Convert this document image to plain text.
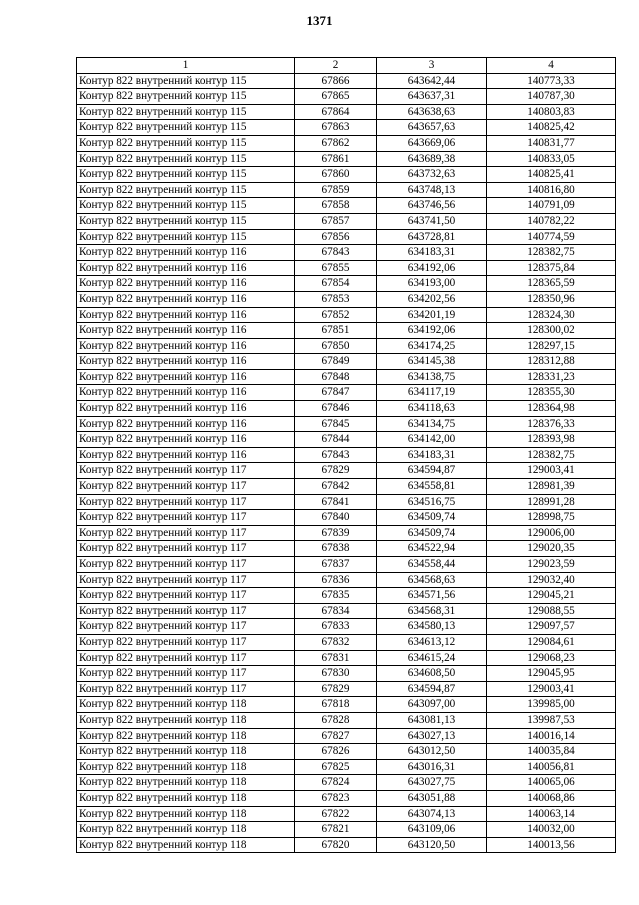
1371
1	2	3	4
Контур 822 внутренний контур 115	67866	643642,44	140773,33
Контур 822 внутренний контур 115	67865	643637,31	140787,30
Контур 822 внутренний контур 115	67864	643638,63	140803,83
Контур 822 внутренний контур 115	67863	643657,63	140825,42
Контур 822 внутренний контур 115	67862	643669,06	140831,77
Контур 822 внутренний контур 115	67861	643689,38	140833,05
Контур 822 внутренний контур 115	67860	643732,63	140825,41
Контур 822 внутренний контур 115	67859	643748,13	140816,80
Контур 822 внутренний контур 115	67858	643746,56	140791,09
Контур 822 внутренний контур 115	67857	643741,50	140782,22
Контур 822 внутренний контур 115	67856	643728,81	140774,59
Контур 822 внутренний контур 116	67843	634183,31	128382,75
Контур 822 внутренний контур 116	67855	634192,06	128375,84
Контур 822 внутренний контур 116	67854	634193,00	128365,59
Контур 822 внутренний контур 116	67853	634202,56	128350,96
Контур 822 внутренний контур 116	67852	634201,19	128324,30
Контур 822 внутренний контур 116	67851	634192,06	128300,02
Контур 822 внутренний контур 116	67850	634174,25	128297,15
Контур 822 внутренний контур 116	67849	634145,38	128312,88
Контур 822 внутренний контур 116	67848	634138,75	128331,23
Контур 822 внутренний контур 116	67847	634117,19	128355,30
Контур 822 внутренний контур 116	67846	634118,63	128364,98
Контур 822 внутренний контур 116	67845	634134,75	128376,33
Контур 822 внутренний контур 116	67844	634142,00	128393,98
Контур 822 внутренний контур 116	67843	634183,31	128382,75
Контур 822 внутренний контур 117	67829	634594,87	129003,41
Контур 822 внутренний контур 117	67842	634558,81	128981,39
Контур 822 внутренний контур 117	67841	634516,75	128991,28
Контур 822 внутренний контур 117	67840	634509,74	128998,75
Контур 822 внутренний контур 117	67839	634509,74	129006,00
Контур 822 внутренний контур 117	67838	634522,94	129020,35
Контур 822 внутренний контур 117	67837	634558,44	129023,59
Контур 822 внутренний контур 117	67836	634568,63	129032,40
Контур 822 внутренний контур 117	67835	634571,56	129045,21
Контур 822 внутренний контур 117	67834	634568,31	129088,55
Контур 822 внутренний контур 117	67833	634580,13	129097,57
Контур 822 внутренний контур 117	67832	634613,12	129084,61
Контур 822 внутренний контур 117	67831	634615,24	129068,23
Контур 822 внутренний контур 117	67830	634608,50	129045,95
Контур 822 внутренний контур 117	67829	634594,87	129003,41
Контур 822 внутренний контур 118	67818	643097,00	139985,00
Контур 822 внутренний контур 118	67828	643081,13	139987,53
Контур 822 внутренний контур 118	67827	643027,13	140016,14
Контур 822 внутренний контур 118	67826	643012,50	140035,84
Контур 822 внутренний контур 118	67825	643016,31	140056,81
Контур 822 внутренний контур 118	67824	643027,75	140065,06
Контур 822 внутренний контур 118	67823	643051,88	140068,86
Контур 822 внутренний контур 118	67822	643074,13	140063,14
Контур 822 внутренний контур 118	67821	643109,06	140032,00
Контур 822 внутренний контур 118	67820	643120,50	140013,56
